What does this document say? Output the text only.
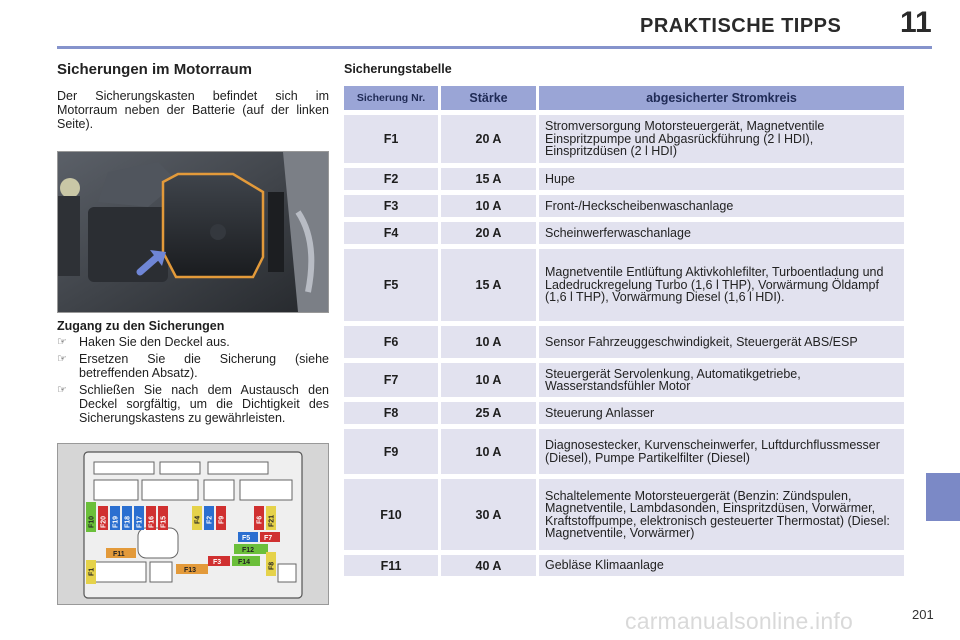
PRAKTISCHE TIPPS 11
Sicherungen im Motorraum

Der Sicherungskasten befindet sich im Motorraum neben der Batterie (auf der linken Seite).

Zugang zu den Sicherungen
☞ Haken Sie den Deckel aus.
☞ Ersetzen Sie die Sicherung (siehe betreffenden Absatz).
☞ Schließen Sie nach dem Austausch den Deckel sorgfältig, um die Dichtigkeit des Sicherungskastens zu gewährleisten.
F20 F19 F18 F17 F16 F15	F4 F2 F9	F6 F21
F10
F5 F7
F12
F11
F3 F14	F8
F13
F1
Sicherungstabelle
Sicherung Nr.	Stärke	abgesicherter Stromkreis
F1	20 A	Stromversorgung Motorsteuergerät, Magnetventile Einspritzpumpe und Abgasrückführung (2 l HDI), Einspritzdüsen (2 l HDI)
F2	15 A	Hupe
F3	10 A	Front-/Heckscheibenwaschanlage
F4	20 A	Scheinwerferwaschanlage
F5	15 A	Magnetventile Entlüftung Aktivkohlefilter, Turboentladung und Ladedruckregelung Turbo (1,6 l THP), Vorwärmung Öldampf (1,6 l THP), Vorwärmung Diesel (1,6 l HDI).
F6	10 A	Sensor Fahrzeuggeschwindigkeit, Steuergerät ABS/ESP
F7	10 A	Steuergerät Servolenkung, Automatikgetriebe, Wasserstandsfühler Motor
F8	25 A	Steuerung Anlasser
F9	10 A	Diagnosestecker, Kurvenscheinwerfer, Luftdurchflussmesser (Diesel), Pumpe Partikelfilter (Diesel)
F10	30 A	Schaltelemente Motorsteuergerät (Benzin: Zündspulen, Magnetventile, Lambdasonden, Einspritzdüsen, Vorwärmer, Kraftstoffpumpe, elektronisch gesteuerter Thermostat) (Diesel: Magnetventile, Vorwärmer)
F11	40 A	Gebläse Klimaanlage
carmanualsonline.info	201
